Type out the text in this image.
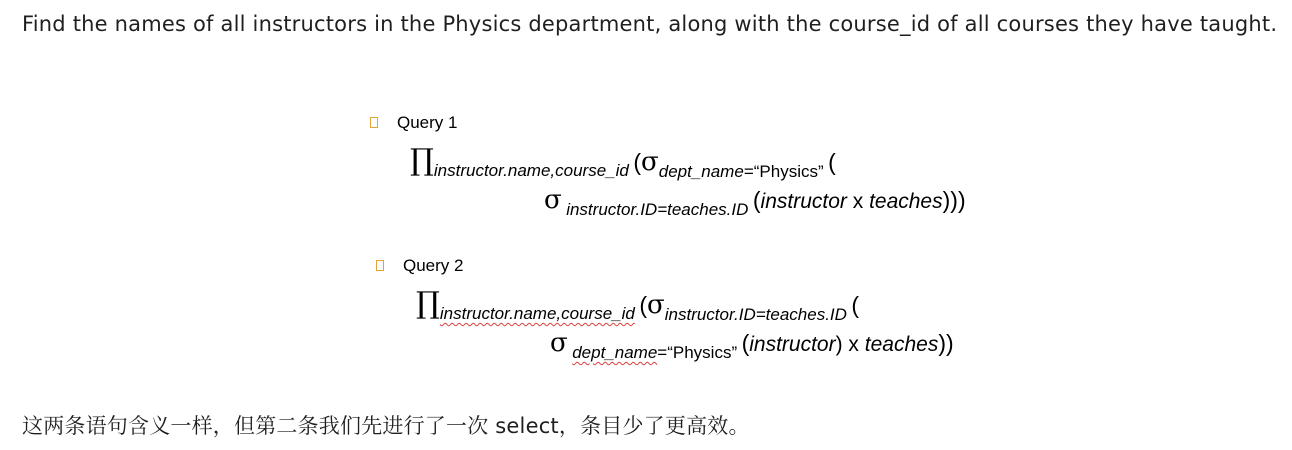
Find the names of all instructors in the Physics department, along with the course_id of all courses they have taught.

Query 1
∏instructor.name,course_id (σdept_name=“Physics” (
σ instructor.ID=teaches.ID (instructor x teaches)))
Query 2
∏instructor.name,course_id (σinstructor.ID=teaches.ID (
σ dept_name=“Physics” (instructor) x teaches))

这两条语句含义一样，但第二条我们先进行了一次 select，条目少了更高效。
